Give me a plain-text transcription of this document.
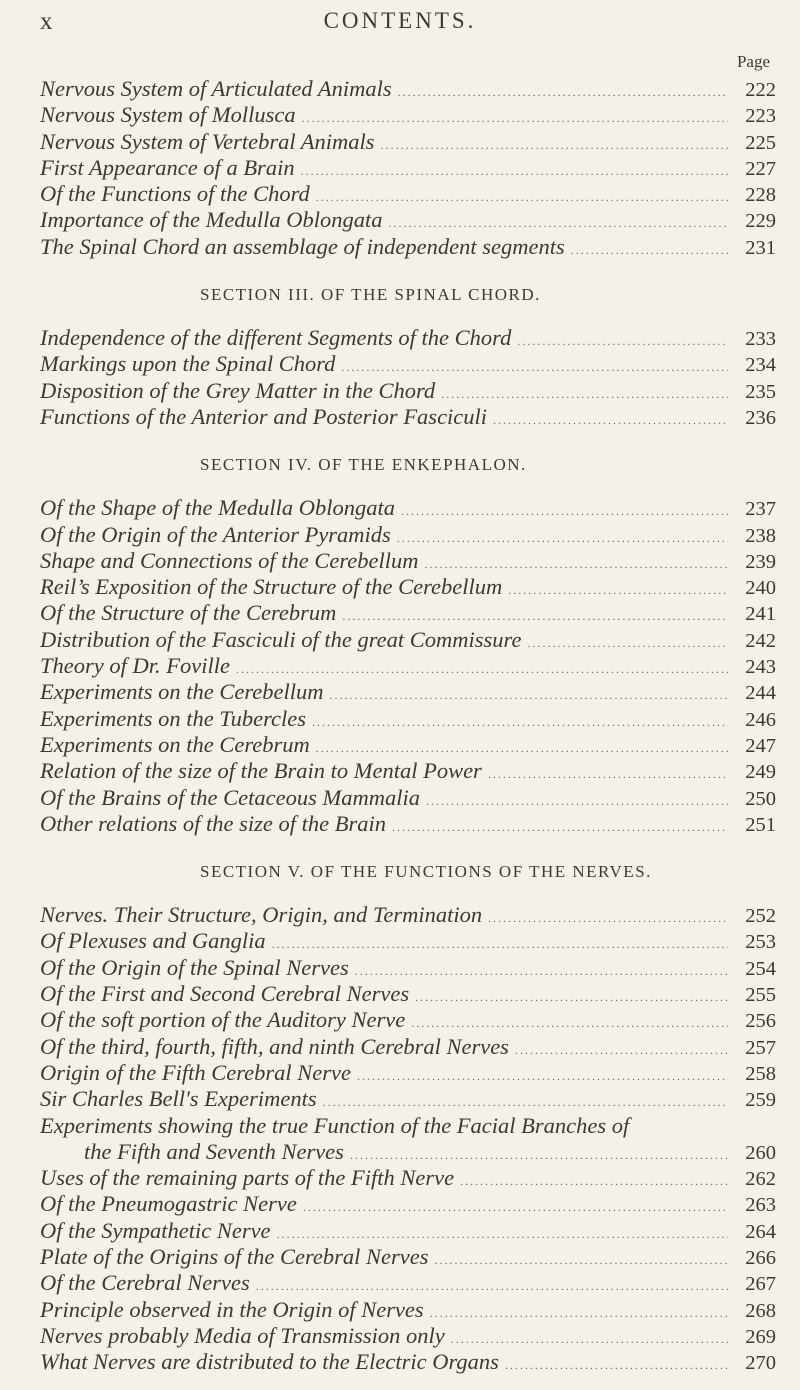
x	CONTENTS.
Page
Nervous System of Articulated Animals .....	222
Nervous System of Mollusca .....	223
Nervous System of Vertebral Animals .....	225
First Appearance of a Brain .....	227
Of the Functions of the Chord .....	228
Importance of the Medulla Oblongata .....	229
The Spinal Chord an assemblage of independent segments .....	231
SECTION III. OF THE SPINAL CHORD.
Independence of the different Segments of the Chord .....	233
Markings upon the Spinal Chord .....	234
Disposition of the Grey Matter in the Chord .....	235
Functions of the Anterior and Posterior Fasciculi .....	236
SECTION IV. OF THE ENKEPHALON.
Of the Shape of the Medulla Oblongata .....	237
Of the Origin of the Anterior Pyramids .....	238
Shape and Connections of the Cerebellum .....	239
Reil’s Exposition of the Structure of the Cerebellum .....	240
Of the Structure of the Cerebrum .....	241
Distribution of the Fasciculi of the great Commissure .....	242
Theory of Dr. Foville .....	243
Experiments on the Cerebellum .....	244
Experiments on the Tubercles .....	246
Experiments on the Cerebrum .....	247
Relation of the size of the Brain to Mental Power .....	249
Of the Brains of the Cetaceous Mammalia .....	250
Other relations of the size of the Brain .....	251
SECTION V. OF THE FUNCTIONS OF THE NERVES.
Nerves. Their Structure, Origin, and Termination .....	252
Of Plexuses and Ganglia .....	253
Of the Origin of the Spinal Nerves .....	254
Of the First and Second Cerebral Nerves .....	255
Of the soft portion of the Auditory Nerve .....	256
Of the third, fourth, fifth, and ninth Cerebral Nerves .....	257
Origin of the Fifth Cerebral Nerve .....	258
Sir Charles Bell's Experiments .....	259
Experiments showing the true Function of the Facial Branches of
the Fifth and Seventh Nerves .....	260
Uses of the remaining parts of the Fifth Nerve .....	262
Of the Pneumogastric Nerve .....	263
Of the Sympathetic Nerve .....	264
Plate of the Origins of the Cerebral Nerves .....	266
Of the Cerebral Nerves .....	267
Principle observed in the Origin of Nerves .....	268
Nerves probably Media of Transmission only .....	269
What Nerves are distributed to the Electric Organs .....	270
